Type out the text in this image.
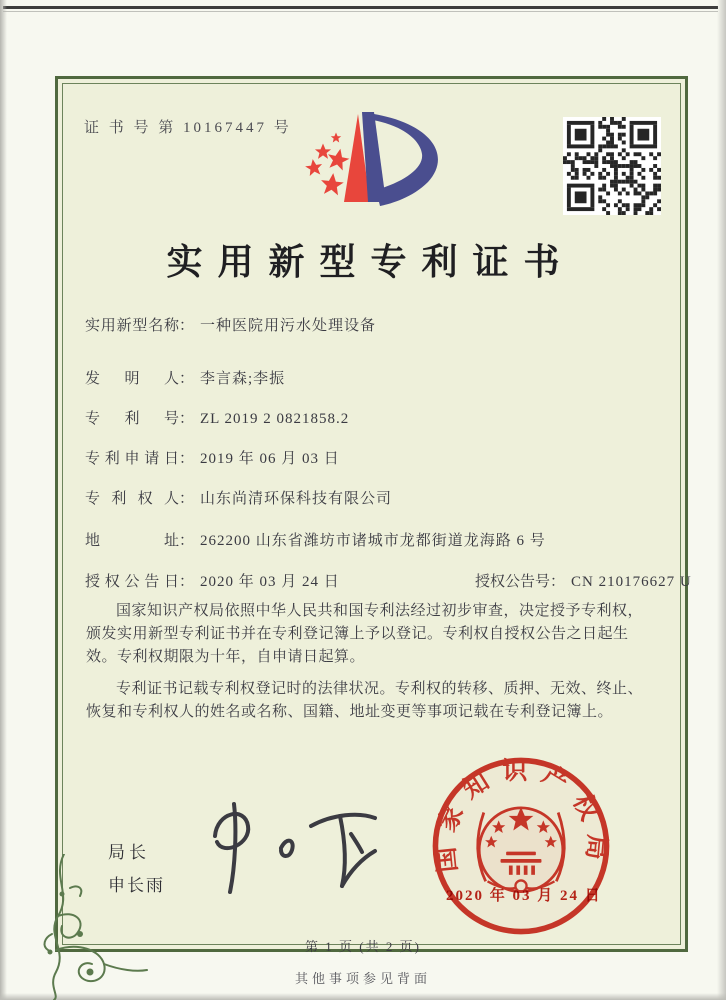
证 书 号 第 10167447 号
实用新型专利证书
实用新型名称： 一种医院用污水处理设备
发明人： 李言森;李振
专利号： ZL 2019 2 0821858.2
专利申请日： 2019 年 06 月 03 日
专利权人： 山东尚清环保科技有限公司
地址： 262200 山东省潍坊市诸城市龙都街道龙海路 6 号
授权公告日： 2020 年 03 月 24 日	授权公告号： CN 210176627 U

国家知识产权局依照中华人民共和国专利法经过初步审查，决定授予专利权，颁发实用新型专利证书并在专利登记簿上予以登记。专利权自授权公告之日起生效。专利权期限为十年，自申请日起算。

专利证书记载专利权登记时的法律状况。专利权的转移、质押、无效、终止、恢复和专利权人的姓名或名称、国籍、地址变更等事项记载在专利登记簿上。

局长
申长雨
国家知识产权局
2020 年 03 月 24 日
第 1 页 (共 2 页)
其他事项参见背面
